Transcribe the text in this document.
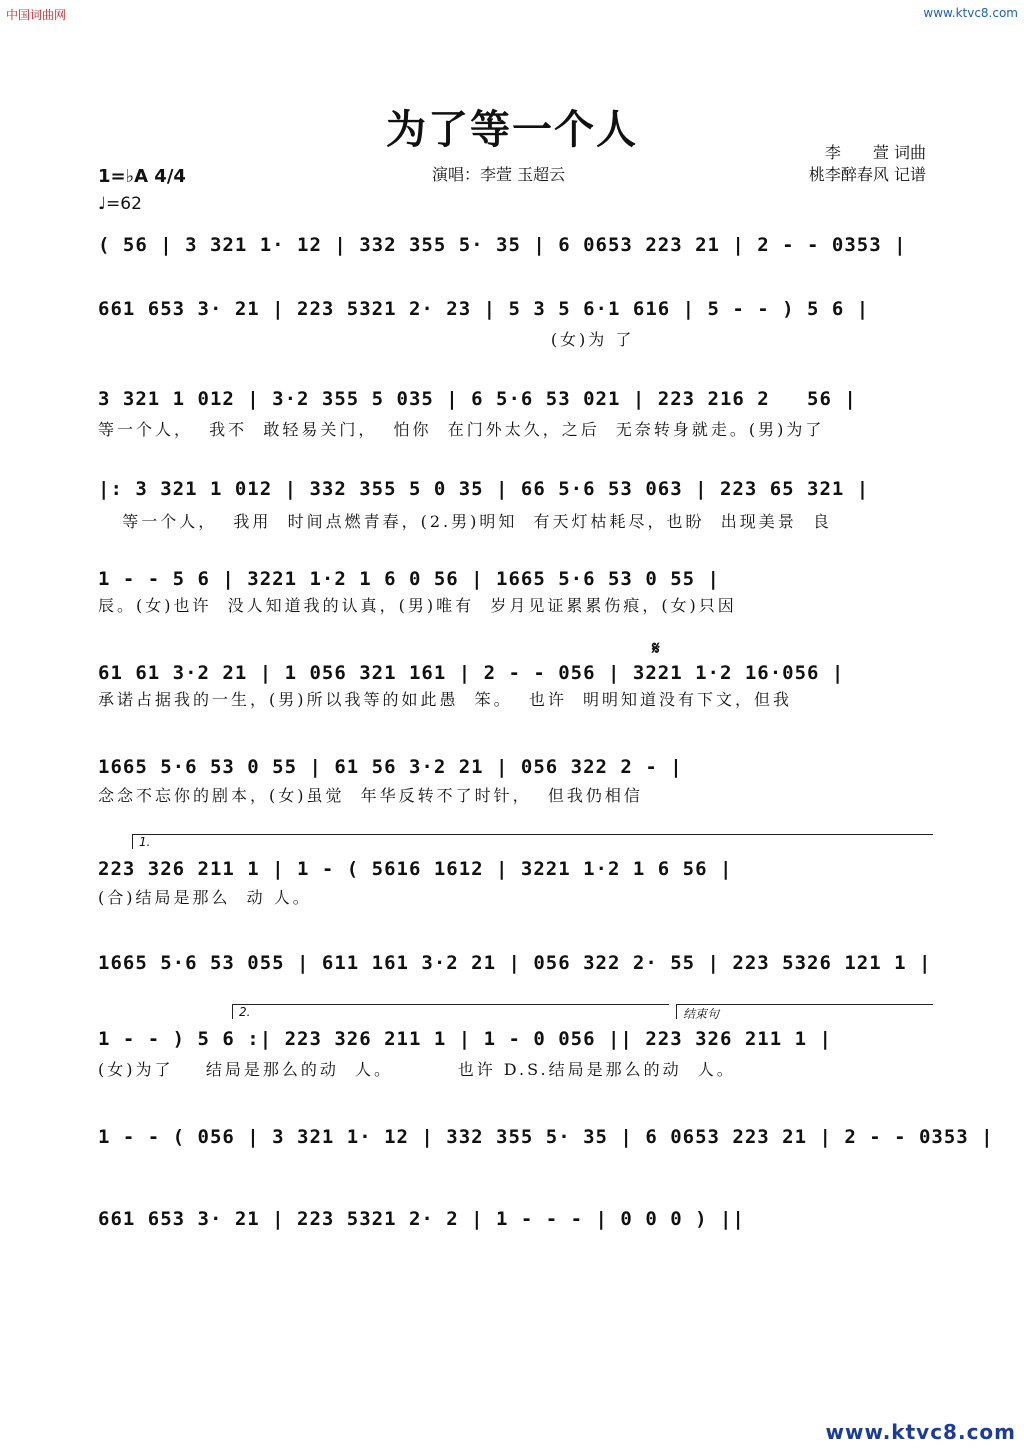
中国词曲网	www.ktvc8.com
为了等一个人
1=♭A 4/4
♩=62
演唱：李萱 玉超云
李　　萱 词曲
桃李醉春风 记谱
( 56 | 3 321 1· 12 | 332 355 5· 35 | 6 0653 223 21 | 2 - - 0353 |
661 653 3· 21 | 223 5321 2· 23 | 5 3 5 6·1 616 | 5 - - ) 5 6 |
(女)为 了
3 321 1 012 | 3·2 355 5 035 | 6 5·6 53 021 | 223 216 2   56 |
等一个人，  我不  敢轻易关门，  怕你  在门外太久，之后  无奈转身就走。(男)为了
|: 3 321 1 012 | 332 355 5 0 35 | 66 5·6 53 063 | 223 65 321 |
等一个人，  我用  时间点燃青春，(2.男)明知  有天灯枯耗尽，也盼  出现美景  良
1 - - 5 6 | 3221 1·2 1 6 0 56 | 1665 5·6 53 0 55 |
辰。(女)也许  没人知道我的认真，(男)唯有  岁月见证累累伤痕，(女)只因
𝄋
61 61 3·2 21 | 1 056 321 161 | 2 - - 056 | 3221 1·2 16·056 |
承诺占据我的一生，(男)所以我等的如此愚  笨。  也许  明明知道没有下文，但我
1665 5·6 53 0 55 | 61 56 3·2 21 | 056 322 2 - |
念念不忘你的剧本，(女)虽觉  年华反转不了时针，  但我仍相信
1.
223 326 211 1 | 1 - ( 5616 1612 | 3221 1·2 1 6 56 |
(合)结局是那么  动 人。
1665 5·6 53 055 | 611 161 3·2 21 | 056 322 2· 55 | 223 5326 121 1 |
2.	结束句
1 - - ) 5 6 :| 223 326 211 1 | 1 - 0 056 || 223 326 211 1 |
(女)为了    结局是那么的动  人。        也许 D.S.结局是那么的动  人。
1 - - ( 056 | 3 321 1· 12 | 332 355 5· 35 | 6 0653 223 21 | 2 - - 0353 |
661 653 3· 21 | 223 5321 2· 2 | 1 - - - | 0 0 0 ) ||
www.ktvc8.com
